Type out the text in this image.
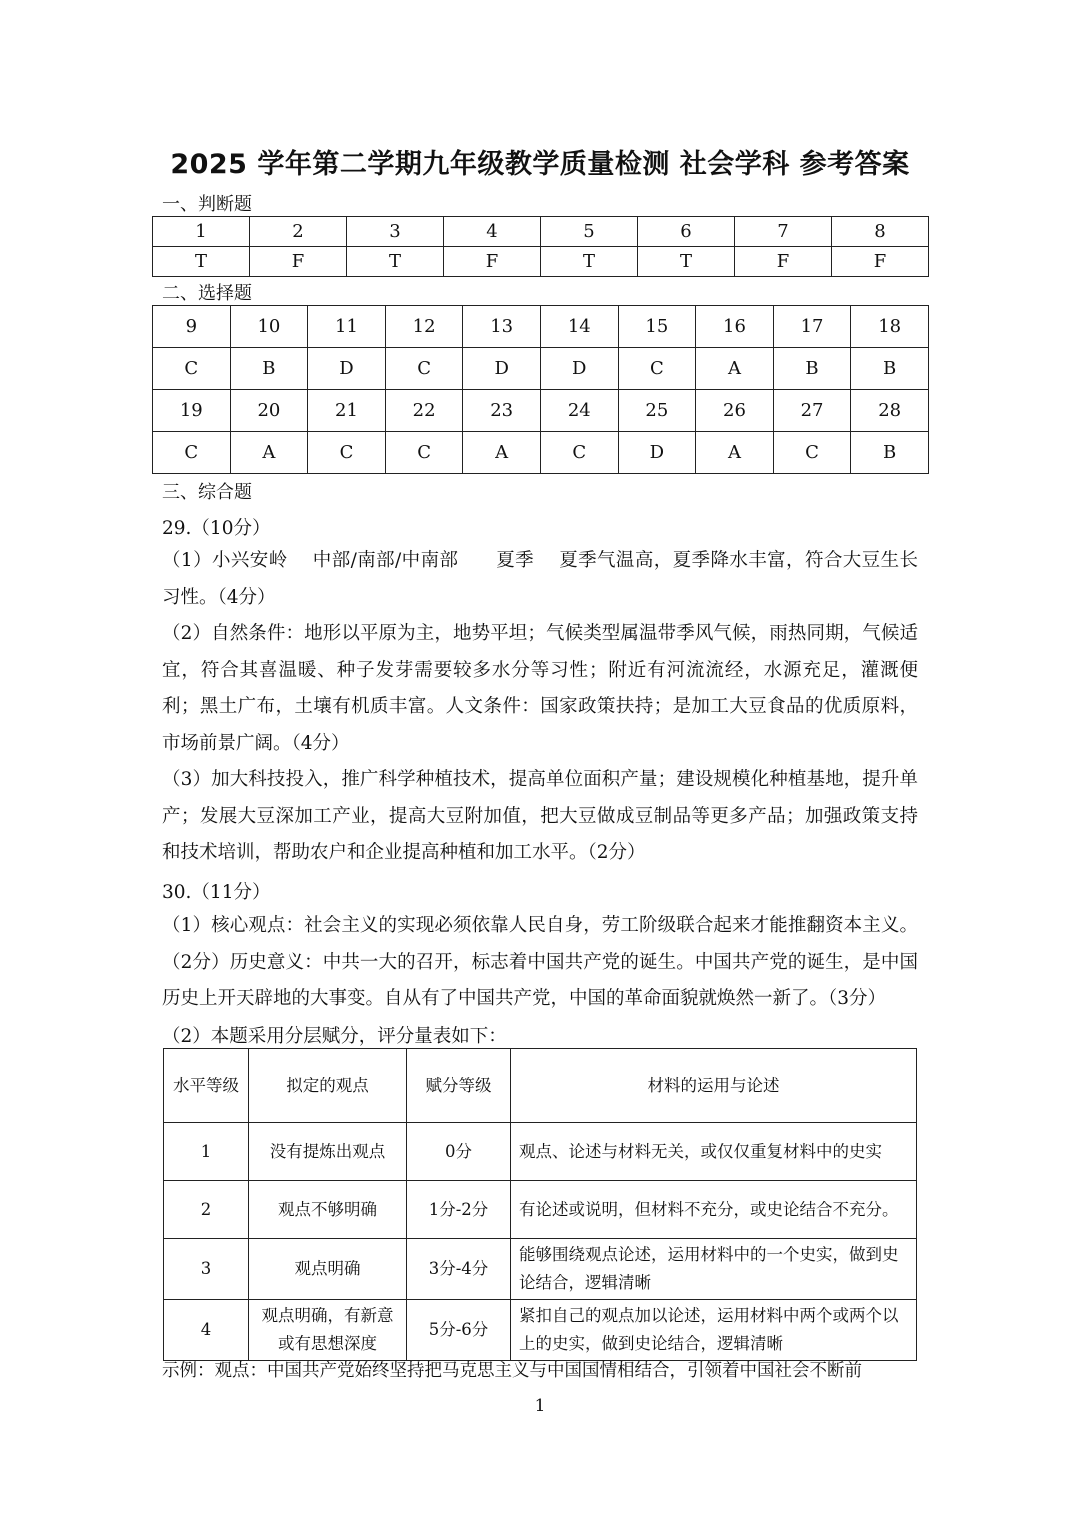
2025 学年第二学期九年级教学质量检测 社会学科 参考答案
一、判断题
1	2	3	4	5	6	7	8
T	F	T	F	T	T	F	F
二、选择题
9	10	11	12	13	14	15	16	17	18
C	B	D	C	D	D	C	A	B	B
19	20	21	22	23	24	25	26	27	28
C	A	C	C	A	C	D	A	C	B
三、综合题
29.（10分）
（1）小兴安岭　 中部/南部/中南部　　夏季　 夏季气温高，夏季降水丰富，符合大豆生长习性。（4分）
（2）自然条件：地形以平原为主，地势平坦；气候类型属温带季风气候，雨热同期，气候适宜，符合其喜温暖、种子发芽需要较多水分等习性；附近有河流流经，水源充足，灌溉便利；黑土广布，土壤有机质丰富。人文条件：国家政策扶持；是加工大豆食品的优质原料，市场前景广阔。（4分）
（3）加大科技投入，推广科学种植技术，提高单位面积产量；建设规模化种植基地，提升单产；发展大豆深加工产业，提高大豆附加值，把大豆做成豆制品等更多产品；加强政策支持和技术培训，帮助农户和企业提高种植和加工水平。（2分）
30.（11分）
（1）核心观点：社会主义的实现必须依靠人民自身，劳工阶级联合起来才能推翻资本主义。（2分）历史意义：中共一大的召开，标志着中国共产党的诞生。中国共产党的诞生，是中国历史上开天辟地的大事变。自从有了中国共产党，中国的革命面貌就焕然一新了。（3分）
（2）本题采用分层赋分，评分量表如下：
水平等级	拟定的观点	赋分等级	材料的运用与论述
1	没有提炼出观点	0分	观点、论述与材料无关，或仅仅重复材料中的史实
2	观点不够明确	1分-2分	有论述或说明，但材料不充分，或史论结合不充分。
3	观点明确	3分-4分	能够围绕观点论述，运用材料中的一个史实，做到史论结合，逻辑清晰
4	观点明确，有新意或有思想深度	5分-6分	紧扣自己的观点加以论述，运用材料中两个或两个以上的史实，做到史论结合，逻辑清晰
示例：观点：中国共产党始终坚持把马克思主义与中国国情相结合，引领着中国社会不断前
1
